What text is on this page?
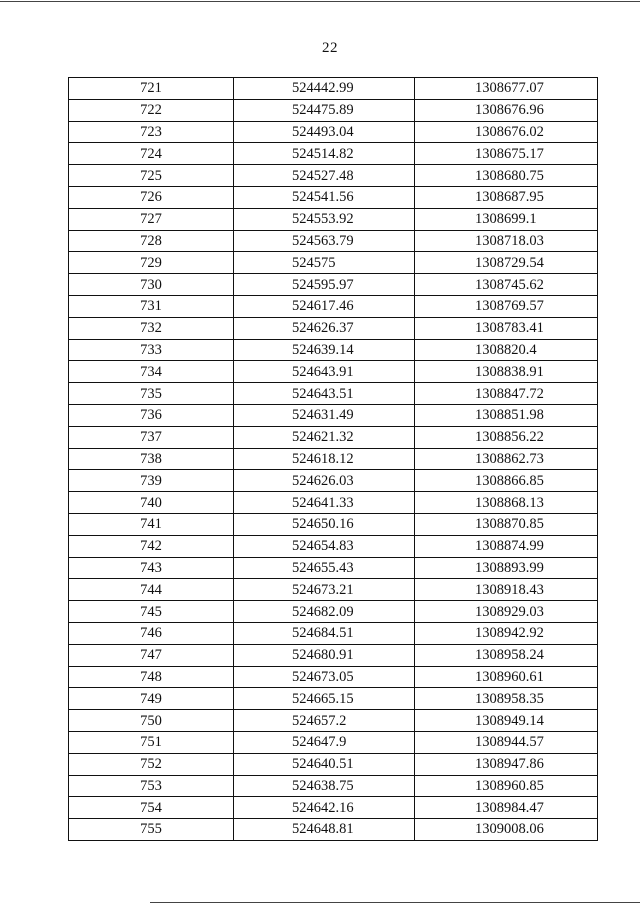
22
721	524442.99	1308677.07
722	524475.89	1308676.96
723	524493.04	1308676.02
724	524514.82	1308675.17
725	524527.48	1308680.75
726	524541.56	1308687.95
727	524553.92	1308699.1
728	524563.79	1308718.03
729	524575	1308729.54
730	524595.97	1308745.62
731	524617.46	1308769.57
732	524626.37	1308783.41
733	524639.14	1308820.4
734	524643.91	1308838.91
735	524643.51	1308847.72
736	524631.49	1308851.98
737	524621.32	1308856.22
738	524618.12	1308862.73
739	524626.03	1308866.85
740	524641.33	1308868.13
741	524650.16	1308870.85
742	524654.83	1308874.99
743	524655.43	1308893.99
744	524673.21	1308918.43
745	524682.09	1308929.03
746	524684.51	1308942.92
747	524680.91	1308958.24
748	524673.05	1308960.61
749	524665.15	1308958.35
750	524657.2	1308949.14
751	524647.9	1308944.57
752	524640.51	1308947.86
753	524638.75	1308960.85
754	524642.16	1308984.47
755	524648.81	1309008.06
